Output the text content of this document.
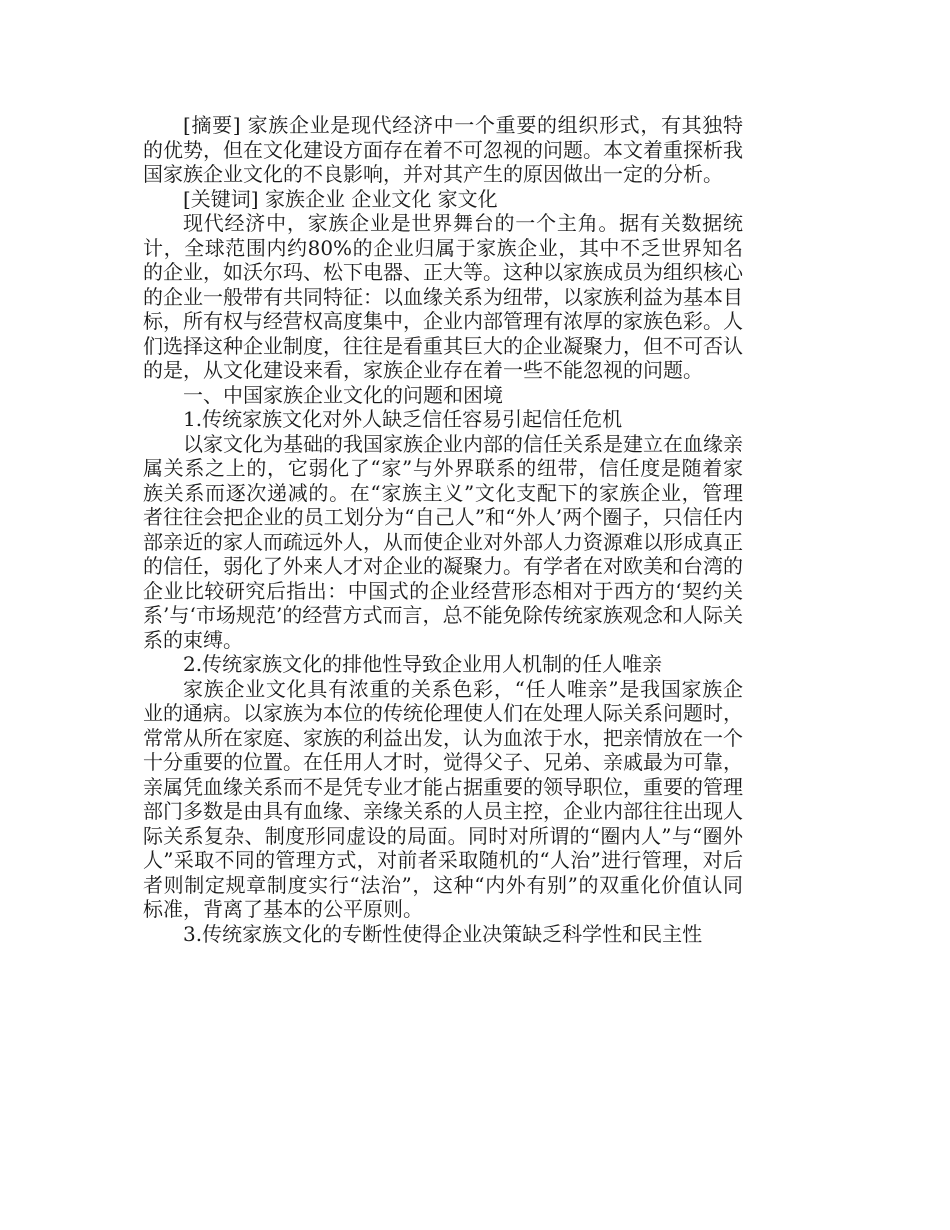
[摘要] 家族企业是现代经济中一个重要的组织形式，有其独特的优势，但在文化建设方面存在着不可忽视的问题。本文着重探析我国家族企业文化的不良影响，并对其产生的原因做出一定的分析。

[关键词] 家族企业 企业文化 家文化

现代经济中，家族企业是世界舞台的一个主角。据有关数据统计，全球范围内约80%的企业归属于家族企业，其中不乏世界知名的企业，如沃尔玛、松下电器、正大等。这种以家族成员为组织核心的企业一般带有共同特征：以血缘关系为纽带，以家族利益为基本目标，所有权与经营权高度集中，企业内部管理有浓厚的家族色彩。人们选择这种企业制度，往往是看重其巨大的企业凝聚力，但不可否认的是，从文化建设来看，家族企业存在着一些不能忽视的问题。

一、中国家族企业文化的问题和困境

1.传统家族文化对外人缺乏信任容易引起信任危机

以家文化为基础的我国家族企业内部的信任关系是建立在血缘亲属关系之上的，它弱化了“家”与外界联系的纽带，信任度是随着家族关系而逐次递减的。在“家族主义”文化支配下的家族企业，管理者往往会把企业的员工划分为“自己人”和“外人’两个圈子，只信任内部亲近的家人而疏远外人，从而使企业对外部人力资源难以形成真正的信任，弱化了外来人才对企业的凝聚力。有学者在对欧美和台湾的企业比较研究后指出：中国式的企业经营形态相对于西方的‘契约关系’与‘市场规范’的经营方式而言，总不能免除传统家族观念和人际关系的束缚。

2.传统家族文化的排他性导致企业用人机制的任人唯亲

家族企业文化具有浓重的关系色彩，“任人唯亲”是我国家族企业的通病。以家族为本位的传统伦理使人们在处理人际关系问题时，常常从所在家庭、家族的利益出发，认为血浓于水，把亲情放在一个十分重要的位置。在任用人才时，觉得父子、兄弟、亲戚最为可靠，亲属凭血缘关系而不是凭专业才能占据重要的领导职位，重要的管理部门多数是由具有血缘、亲缘关系的人员主控，企业内部往往出现人际关系复杂、制度形同虚设的局面。同时对所谓的“圈内人”与“圈外人”采取不同的管理方式，对前者采取随机的“人治”进行管理，对后者则制定规章制度实行“法治”，这种“内外有别”的双重化价值认同标准，背离了基本的公平原则。

3.传统家族文化的专断性使得企业决策缺乏科学性和民主性
